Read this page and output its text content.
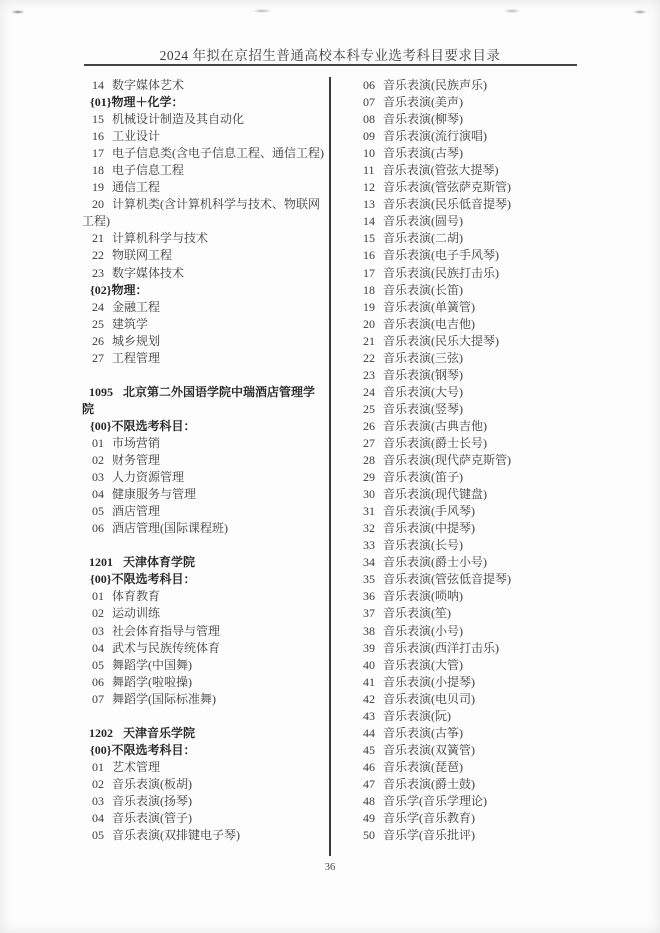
2024 年拟在京招生普通高校本科专业选考科目要求目录
14 数字媒体艺术
{01}物理＋化学：
15 机械设计制造及其自动化
16 工业设计
17 电子信息类(含电子信息工程、通信工程)
18 电子信息工程
19 通信工程
20 计算机类(含计算机科学与技术、物联网
工程)
21 计算机科学与技术
22 物联网工程
23 数字媒体技术
{02}物理：
24 金融工程
25 建筑学
26 城乡规划
27 工程管理
1095 北京第二外国语学院中瑞酒店管理学
院
{00}不限选考科目：
01 市场营销
02 财务管理
03 人力资源管理
04 健康服务与管理
05 酒店管理
06 酒店管理(国际课程班)
1201 天津体育学院
{00}不限选考科目：
01 体育教育
02 运动训练
03 社会体育指导与管理
04 武术与民族传统体育
05 舞蹈学(中国舞)
06 舞蹈学(啦啦操)
07 舞蹈学(国际标准舞)
1202 天津音乐学院
{00}不限选考科目：
01 艺术管理
02 音乐表演(板胡)
03 音乐表演(扬琴)
04 音乐表演(管子)
05 音乐表演(双排键电子琴)
06 音乐表演(民族声乐)
07 音乐表演(美声)
08 音乐表演(柳琴)
09 音乐表演(流行演唱)
10 音乐表演(古琴)
11 音乐表演(管弦大提琴)
12 音乐表演(管弦萨克斯管)
13 音乐表演(民乐低音提琴)
14 音乐表演(圆号)
15 音乐表演(二胡)
16 音乐表演(电子手风琴)
17 音乐表演(民族打击乐)
18 音乐表演(长笛)
19 音乐表演(单簧管)
20 音乐表演(电吉他)
21 音乐表演(民乐大提琴)
22 音乐表演(三弦)
23 音乐表演(钢琴)
24 音乐表演(大号)
25 音乐表演(竖琴)
26 音乐表演(古典吉他)
27 音乐表演(爵士长号)
28 音乐表演(现代萨克斯管)
29 音乐表演(笛子)
30 音乐表演(现代键盘)
31 音乐表演(手风琴)
32 音乐表演(中提琴)
33 音乐表演(长号)
34 音乐表演(爵士小号)
35 音乐表演(管弦低音提琴)
36 音乐表演(唢呐)
37 音乐表演(笙)
38 音乐表演(小号)
39 音乐表演(西洋打击乐)
40 音乐表演(大管)
41 音乐表演(小提琴)
42 音乐表演(电贝司)
43 音乐表演(阮)
44 音乐表演(古筝)
45 音乐表演(双簧管)
46 音乐表演(琵琶)
47 音乐表演(爵士鼓)
48 音乐学(音乐学理论)
49 音乐学(音乐教育)
50 音乐学(音乐批评)
36
